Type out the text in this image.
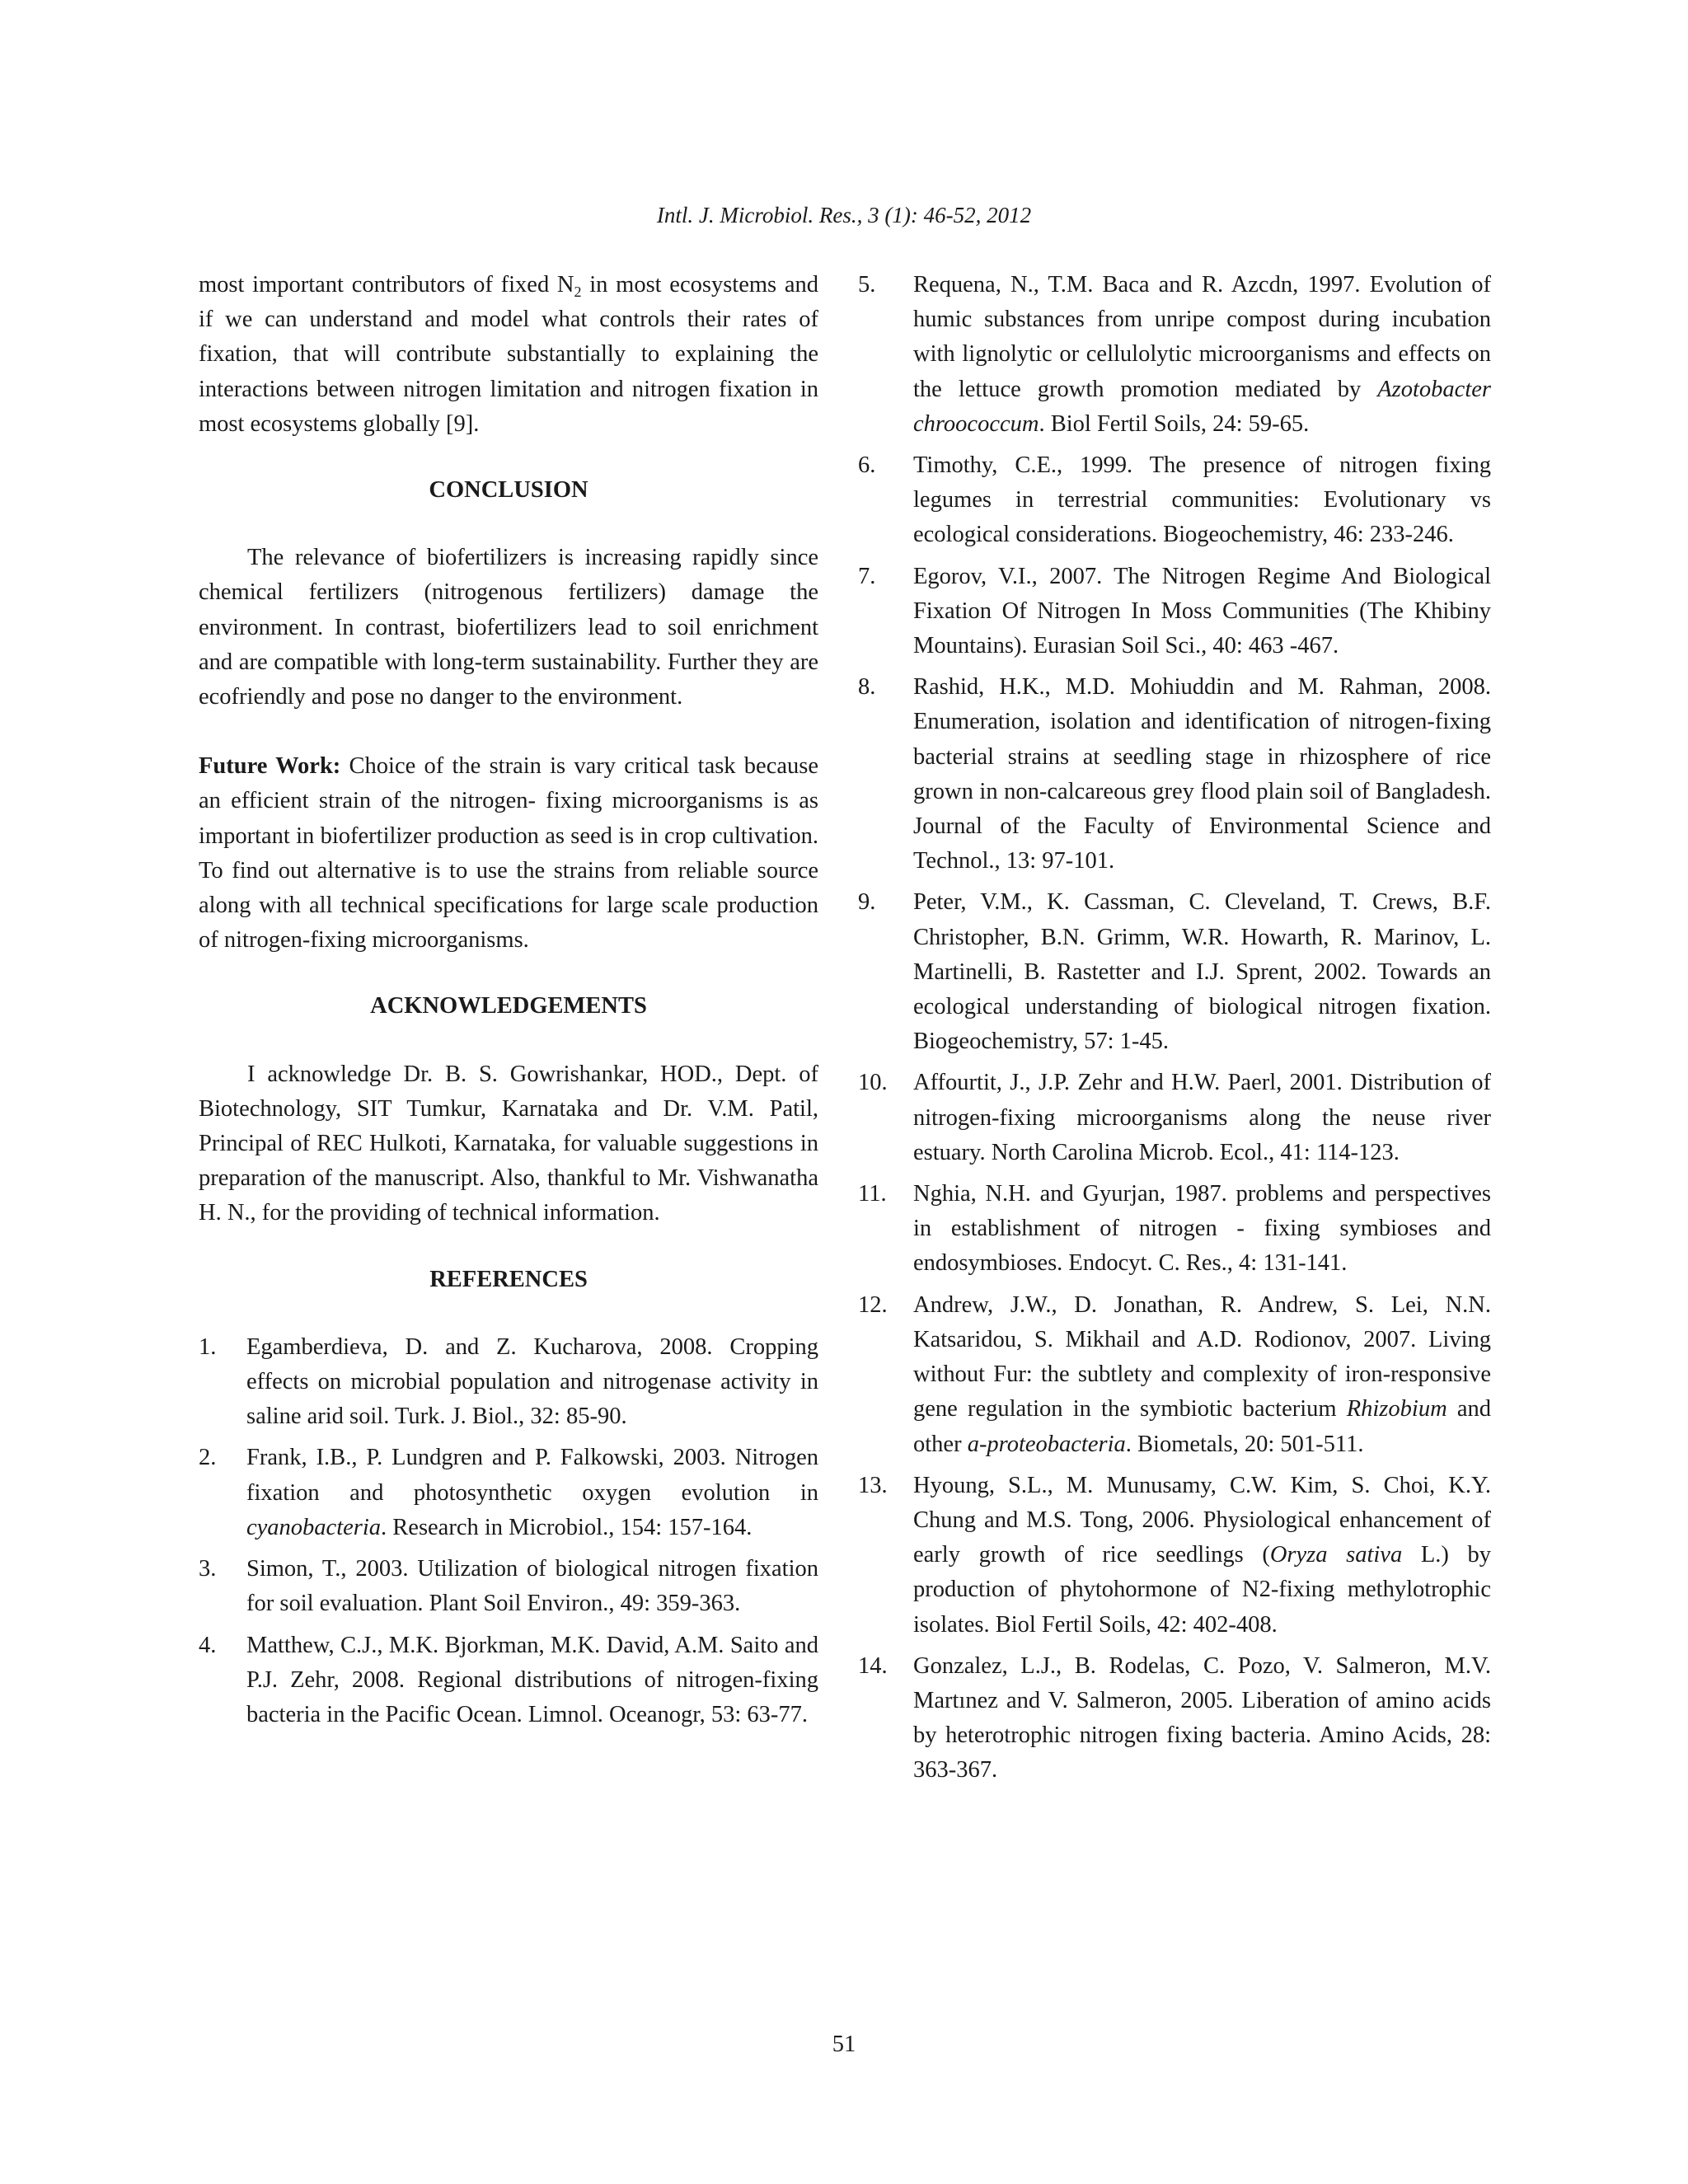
Intl. J. Microbiol. Res., 3 (1): 46-52, 2012

most important contributors of fixed $N_2$ in most ecosystems and if we can understand and model what controls their rates of fixation, that will contribute substantially to explaining the interactions between nitrogen limitation and nitrogen fixation in most ecosystems globally [9].

CONCLUSION

The relevance of biofertilizers is increasing rapidly since chemical fertilizers (nitrogenous fertilizers) damage the environment. In contrast, biofertilizers lead to soil enrichment and are compatible with long-term sustainability. Further they are ecofriendly and pose no danger to the environment.

Future Work: Choice of the strain is vary critical task because an efficient strain of the nitrogen- fixing microorganisms is as important in biofertilizer production as seed is in crop cultivation. To find out alternative is to use the strains from reliable source along with all technical specifications for large scale production of nitrogen-fixing microorganisms.

ACKNOWLEDGEMENTS

I acknowledge Dr. B. S. Gowrishankar, HOD., Dept. of Biotechnology, SIT Tumkur, Karnataka and Dr. V.M. Patil, Principal of REC Hulkoti, Karnataka, for valuable suggestions in preparation of the manuscript. Also, thankful to Mr. Vishwanatha H. N., for the providing of technical information.

REFERENCES
1. Egamberdieva, D. and Z. Kucharova, 2008. Cropping effects on microbial population and nitrogenase activity in saline arid soil. Turk. J. Biol., 32: 85-90.
2. Frank, I.B., P. Lundgren and P. Falkowski, 2003. Nitrogen fixation and photosynthetic oxygen evolution in cyanobacteria. Research in Microbiol., 154: 157-164.
3. Simon, T., 2003. Utilization of biological nitrogen fixation for soil evaluation. Plant Soil Environ., 49: 359-363.
4. Matthew, C.J., M.K. Bjorkman, M.K. David, A.M. Saito and P.J. Zehr, 2008. Regional distributions of nitrogen-fixing bacteria in the Pacific Ocean. Limnol. Oceanogr, 53: 63-77.
5. Requena, N., T.M. Baca and R. Azcdn, 1997. Evolution of humic substances from unripe compost during incubation with lignolytic or cellulolytic microorganisms and effects on the lettuce growth promotion mediated by Azotobacter chroococcum. Biol Fertil Soils, 24: 59-65.
6. Timothy, C.E., 1999. The presence of nitrogen fixing legumes in terrestrial communities: Evolutionary vs ecological considerations. Biogeochemistry, 46: 233-246.
7. Egorov, V.I., 2007. The Nitrogen Regime And Biological Fixation Of Nitrogen In Moss Communities (The Khibiny Mountains). Eurasian Soil Sci., 40: 463 -467.
8. Rashid, H.K., M.D. Mohiuddin and M. Rahman, 2008. Enumeration, isolation and identification of nitrogen-fixing bacterial strains at seedling stage in rhizosphere of rice grown in non-calcareous grey flood plain soil of Bangladesh. Journal of the Faculty of Environmental Science and Technol., 13: 97-101.
9. Peter, V.M., K. Cassman, C. Cleveland, T. Crews, B.F. Christopher, B.N. Grimm, W.R. Howarth, R. Marinov, L. Martinelli, B. Rastetter and I.J. Sprent, 2002. Towards an ecological understanding of biological nitrogen fixation. Biogeochemistry, 57: 1-45.
10. Affourtit, J., J.P. Zehr and H.W. Paerl, 2001. Distribution of nitrogen-fixing microorganisms along the neuse river estuary. North Carolina Microb. Ecol., 41: 114-123.
11. Nghia, N.H. and Gyurjan, 1987. problems and perspectives in establishment of nitrogen - fixing symbioses and endosymbioses. Endocyt. C. Res., 4: 131-141.
12. Andrew, J.W., D. Jonathan, R. Andrew, S. Lei, N.N. Katsaridou, S. Mikhail and A.D. Rodionov, 2007. Living without Fur: the subtlety and complexity of iron-responsive gene regulation in the symbiotic bacterium Rhizobium and other a-proteobacteria. Biometals, 20: 501-511.
13. Hyoung, S.L., M. Munusamy, C.W. Kim, S. Choi, K.Y. Chung and M.S. Tong, 2006. Physiological enhancement of early growth of rice seedlings (Oryza sativa L.) by production of phytohormone of N2-fixing methylotrophic isolates. Biol Fertil Soils, 42: 402-408.
14. Gonzalez, L.J., B. Rodelas, C. Pozo, V. Salmeron, M.V. Martınez and V. Salmeron, 2005. Liberation of amino acids by heterotrophic nitrogen fixing bacteria. Amino Acids, 28: 363-367.
51
